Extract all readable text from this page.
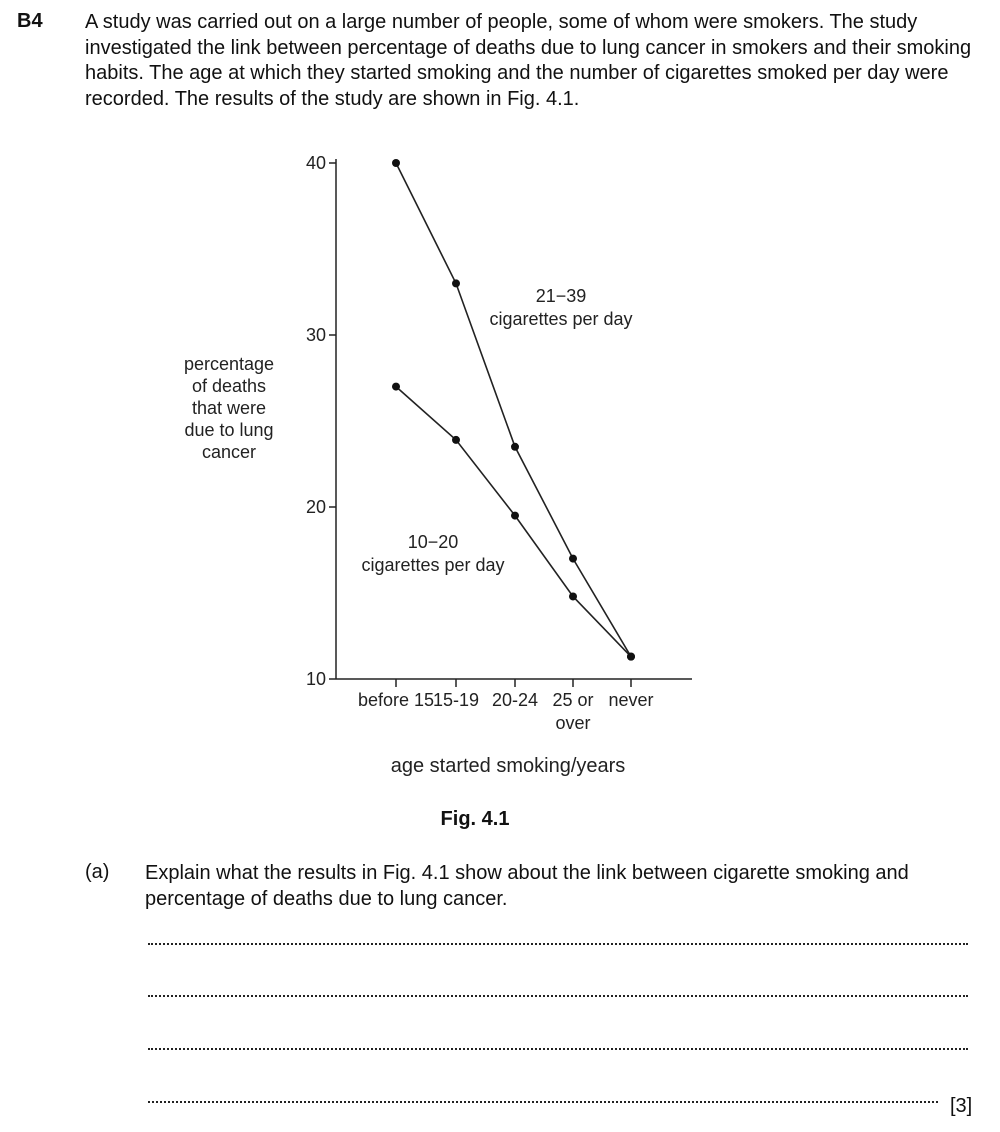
B4 A study was carried out on a large number of people, some of whom were smokers. The study investigated the link between percentage of deaths due to lung cancer in smokers and their smoking habits. The age at which they started smoking and the number of cigarettes smoked per day were recorded. The results of the study are shown in Fig. 4.1.
10
20
30
40
before 15
15-19 20-24 25 or
over
never
age started smoking/years
percentage
of deaths
that were
due to lung
cancer
21−39
cigarettes per day
10−20
cigarettes per day
Fig. 4.1
(a) Explain what the results in Fig. 4.1 show about the link between cigarette smoking and percentage of deaths due to lung cancer.
[3]
